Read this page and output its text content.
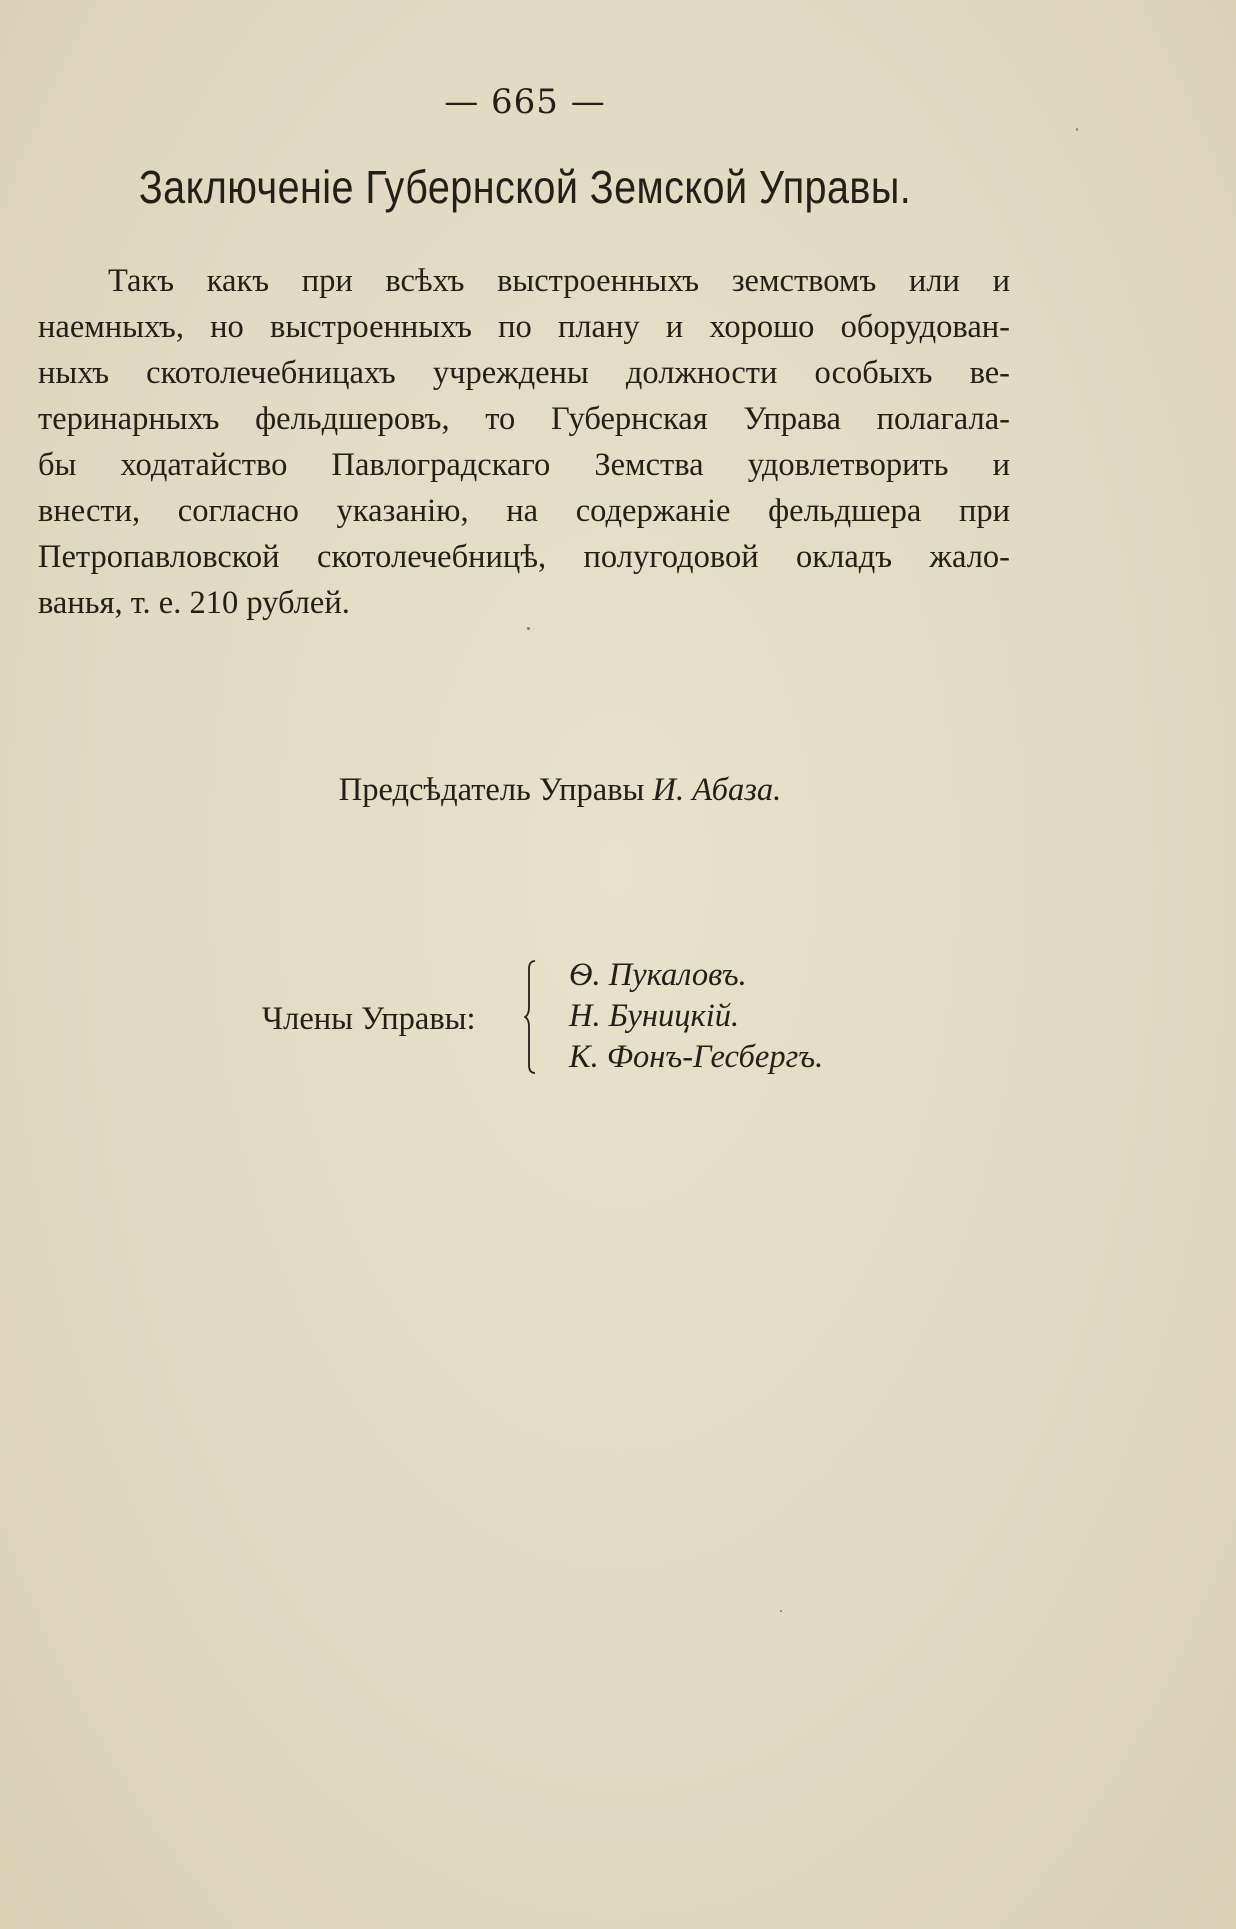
— 665 —
Заключеніе Губернской Земской Управы.

Такъ какъ при всѣхъ выстроенныхъ земствомъ или и
наемныхъ, но выстроенныхъ по плану и хорошо оборудован-
ныхъ скотолечебницахъ учреждены должности особыхъ ве-
теринарныхъ фельдшеровъ, то Губернская Управа полагала-
бы ходатайство Павлоградскаго Земства удовлетворить и
внести, согласно указанію, на содержаніе фельдшера при
Петропавловской скотолечебницѣ, полугодовой окладъ жало-
ванья, т. е. 210 рублей.

Предсѣдатель Управы И. Абаза.
Члены Управы:
Ѳ. Пукаловъ.
Н. Буницкій.
К. Фонъ-Гесбергъ.
